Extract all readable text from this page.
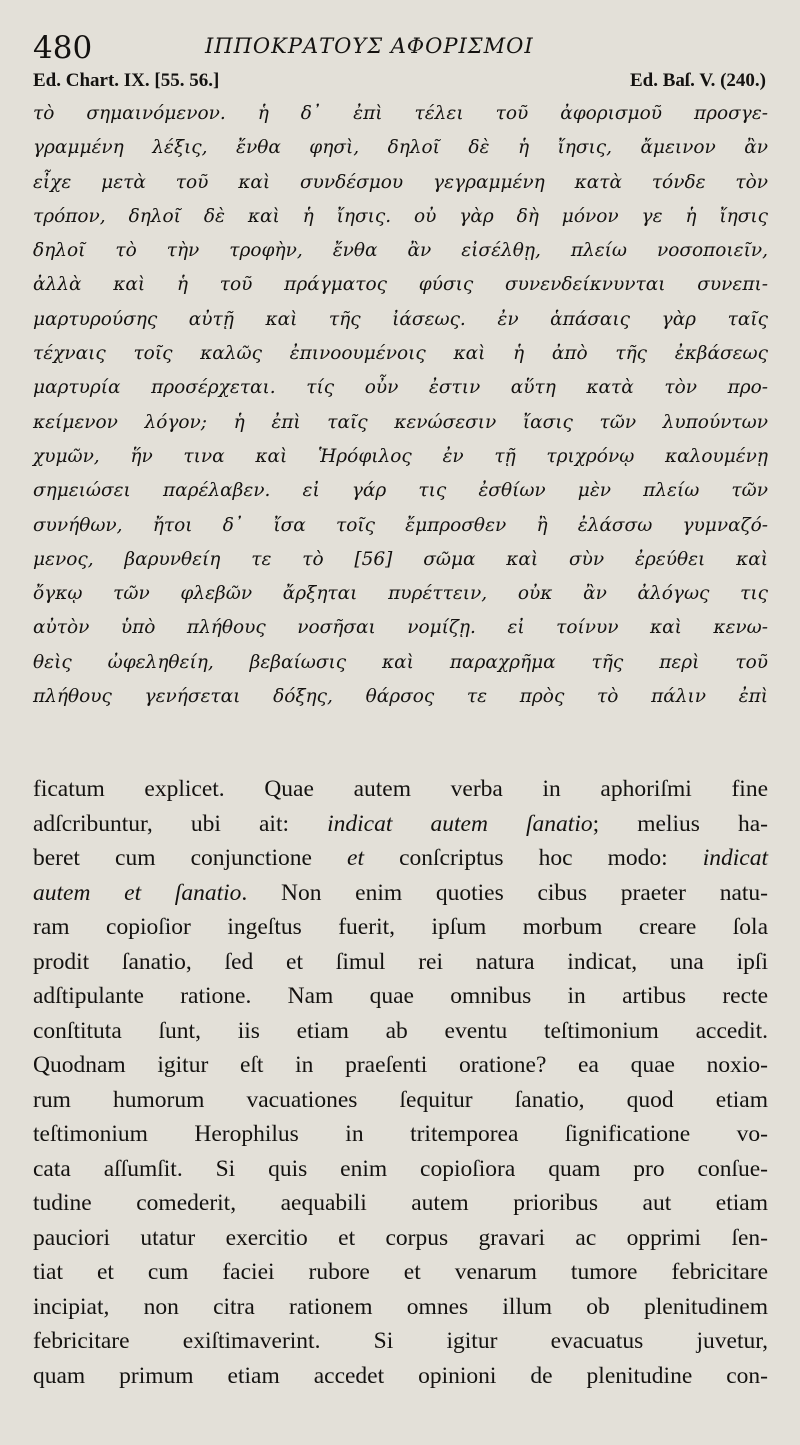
480	ΙΠΠΟΚΡΑΤΟΥΣ ΑΦΟΡΙΣΜΟΙ
Ed. Chart. IX. [55. 56.]	Ed. Baſ. V. (240.)
τὸ σημαινόμενον. ἡ δ᾽ ἐπὶ τέλει τοῦ ἀφορισμοῦ προσγε-
γραμμένη λέξις, ἔνθα φησὶ, δηλοῖ δὲ ἡ ἴησις, ἄμεινον ἂν
εἶχε μετὰ τοῦ καὶ συνδέσμου γεγραμμένη κατὰ τόνδε τὸν
τρόπον, δηλοῖ δὲ καὶ ἡ ἴησις. οὐ γὰρ δὴ μόνον γε ἡ ἴησις
δηλοῖ τὸ τὴν τροφὴν, ἔνθα ἂν εἰσέλθῃ, πλείω νοσοποιεῖν,
ἀλλὰ καὶ ἡ τοῦ πράγματος φύσις συνενδείκνυνται συνεπι-
μαρτυρούσης αὐτῇ καὶ τῆς ἰάσεως. ἐν ἁπάσαις γὰρ ταῖς
τέχναις τοῖς καλῶς ἐπινοουμένοις καὶ ἡ ἀπὸ τῆς ἐκβάσεως
μαρτυρία προσέρχεται. τίς οὖν ἐστιν αὕτη κατὰ τὸν προ-
κείμενον λόγον; ἡ ἐπὶ ταῖς κενώσεσιν ἴασις τῶν λυπούντων
χυμῶν, ἥν τινα καὶ Ἡρόφιλος ἐν τῇ τριχρόνῳ καλουμένῃ
σημειώσει παρέλαβεν. εἰ γάρ τις ἐσθίων μὲν πλείω τῶν
συνήθων, ἤτοι δ᾽ ἴσα τοῖς ἔμπροσθεν ἢ ἐλάσσω γυμναζό-
μενος, βαρυνθείη τε τὸ [56] σῶμα καὶ σὺν ἐρεύθει καὶ
ὄγκῳ τῶν φλεβῶν ἄρξηται πυρέττειν, οὐκ ἂν ἀλόγως τις
αὐτὸν ὑπὸ πλήθους νοσῆσαι νομίζῃ. εἰ τοίνυν καὶ κενω-
θεὶς ὠφεληθείη, βεβαίωσις καὶ παραχρῆμα τῆς περὶ τοῦ
πλήθους γενήσεται δόξης, θάρσος τε πρὸς τὸ πάλιν ἐπὶ
ficatum explicet. Quae autem verba in aphoriſmi fine
adſcribuntur, ubi ait: indicat autem ſanatio; melius ha-
beret cum conjunctione et conſcriptus hoc modo: indicat
autem et ſanatio. Non enim quoties cibus praeter natu-
ram copioſior ingeſtus fuerit, ipſum morbum creare ſola
prodit ſanatio, ſed et ſimul rei natura indicat, una ipſi
adſtipulante ratione. Nam quae omnibus in artibus recte
conſtituta ſunt, iis etiam ab eventu teſtimonium accedit.
Quodnam igitur eſt in praeſenti oratione? ea quae noxio-
rum humorum vacuationes ſequitur ſanatio, quod etiam
teſtimonium Herophilus in tritemporea ſignificatione vo-
cata aſſumſit. Si quis enim copioſiora quam pro conſue-
tudine comederit, aequabili autem prioribus aut etiam
pauciori utatur exercitio et corpus gravari ac opprimi ſen-
tiat et cum faciei rubore et venarum tumore febricitare
incipiat, non citra rationem omnes illum ob plenitudinem
febricitare exiſtimaverint. Si igitur evacuatus juvetur,
quam primum etiam accedet opinioni de plenitudine con-
